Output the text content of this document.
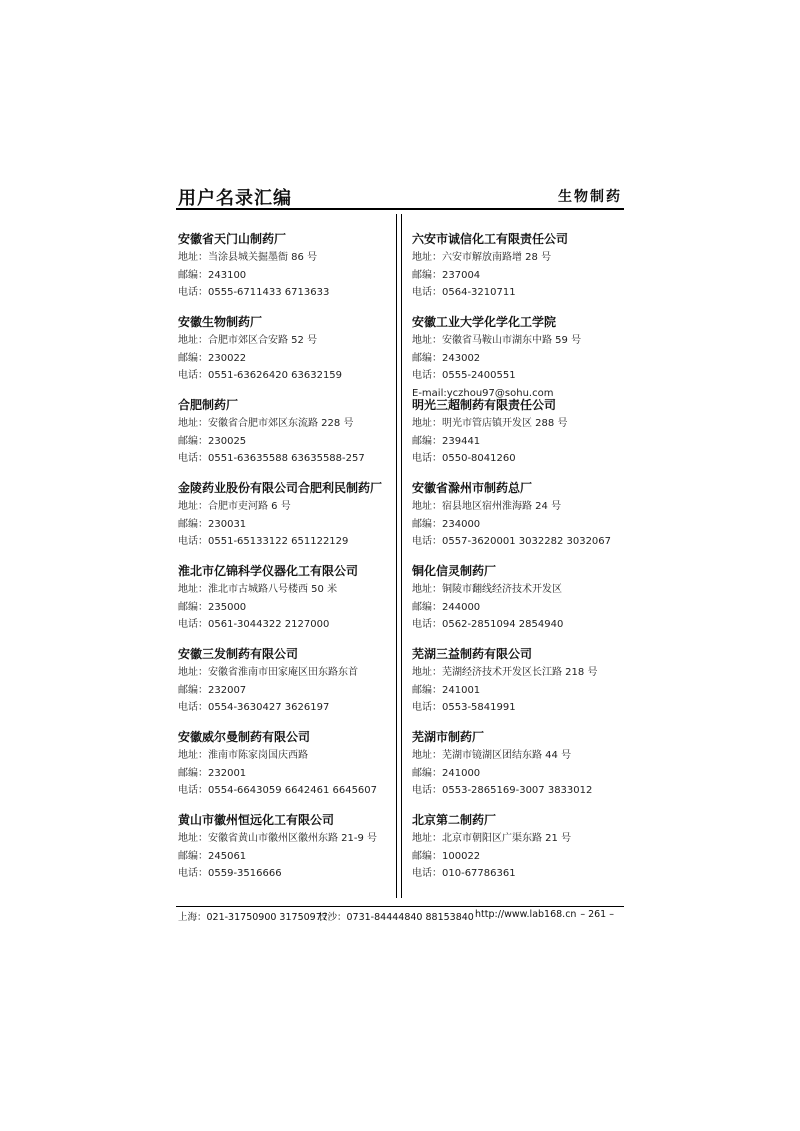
用户名录汇编	生物制药
安徽省天门山制药厂
地址：当涂县城关掘墨衙 86 号
邮编：243100
电话：0555-6711433 6713633
安徽生物制药厂
地址：合肥市郊区合安路 52 号
邮编：230022
电话：0551-63626420 63632159
合肥制药厂
地址：安徽省合肥市郊区东流路 228 号
邮编：230025
电话：0551-63635588 63635588-257
金陵药业股份有限公司合肥利民制药厂
地址：合肥市吏河路 6 号
邮编：230031
电话：0551-65133122 651122129
淮北市亿锦科学仪器化工有限公司
地址：淮北市古城路八号楼西 50 米
邮编：235000
电话：0561-3044322 2127000
安徽三发制药有限公司
地址：安徽省淮南市田家庵区田东路东首
邮编：232007
电话：0554-3630427 3626197
安徽威尔曼制药有限公司
地址：淮南市陈家岗国庆西路
邮编：232001
电话：0554-6643059 6642461 6645607
黄山市徽州恒远化工有限公司
地址：安徽省黄山市徽州区徽州东路 21-9 号
邮编：245061
电话：0559-3516666
六安市诚信化工有限责任公司
地址：六安市解放南路增 28 号
邮编：237004
电话：0564-3210711
安徽工业大学化学化工学院
地址：安徽省马鞍山市湖东中路 59 号
邮编：243002
电话：0555-2400551
E-mail:yczhou97@sohu.com
明光三超制药有限责任公司
地址：明光市管店镇开发区 288 号
邮编：239441
电话：0550-8041260
安徽省滁州市制药总厂
地址：宿县地区宿州淮海路 24 号
邮编：234000
电话：0557-3620001 3032282 3032067
铜化信灵制药厂
地址：铜陵市翻线经济技术开发区
邮编：244000
电话：0562-2851094 2854940
芜湖三益制药有限公司
地址：芜湖经济技术开发区长江路 218 号
邮编：241001
电话：0553-5841991
芜湖市制药厂
地址：芜湖市镜湖区团结东路 44 号
邮编：241000
电话：0553-2865169-3007 3833012
北京第二制药厂
地址：北京市朝阳区广渠东路 21 号
邮编：100022
电话：010-67786361
上海：021-31750900 31750977
长沙：0731-84444840 88153840 http://www.lab168.cn – 261 –
